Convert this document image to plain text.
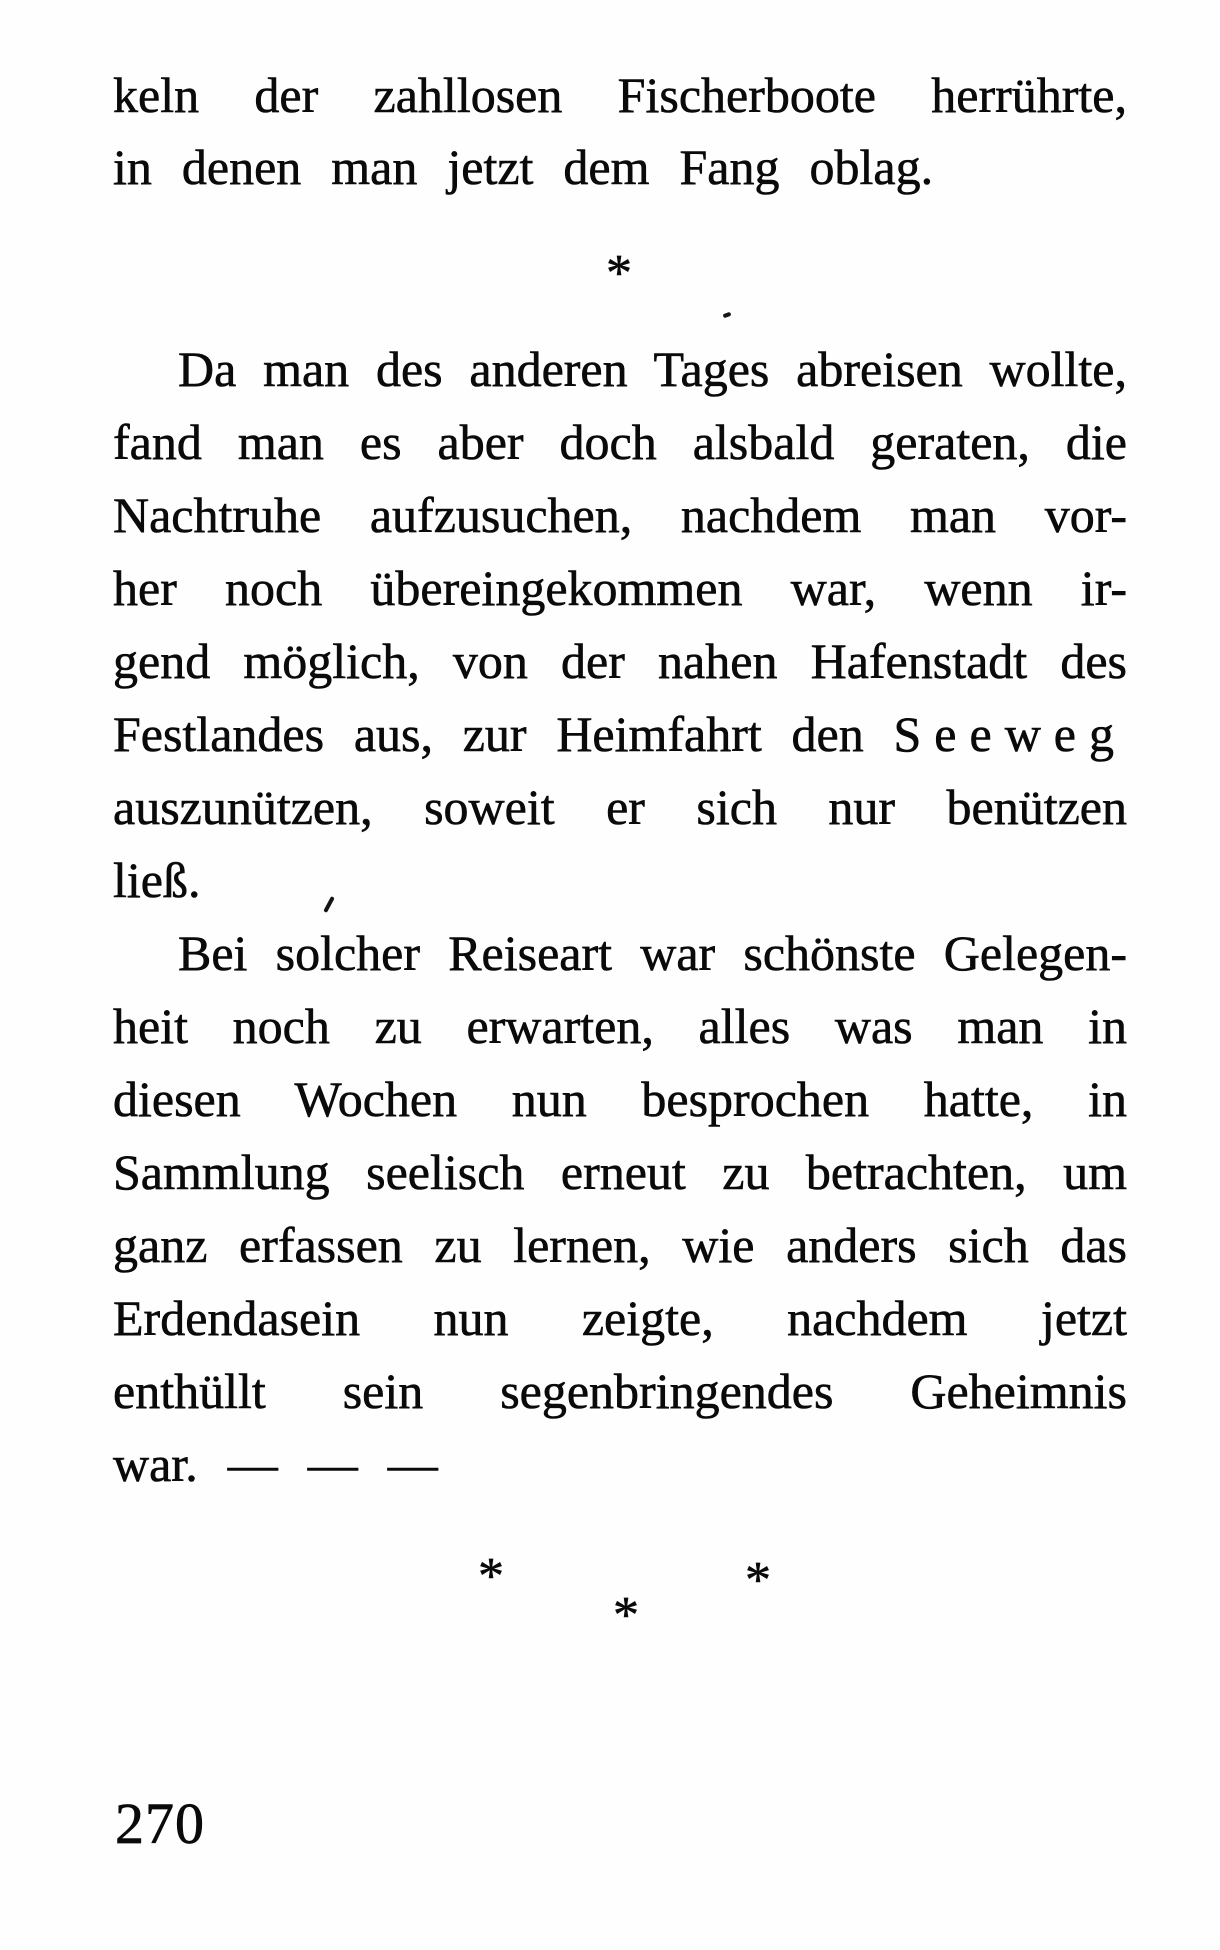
keln der zahllosen Fischerboote herrührte,
in denen man jetzt dem Fang oblag.
*
Da man des anderen Tages abreisen wollte,
fand man es aber doch alsbald geraten, die
Nachtruhe aufzusuchen, nachdem man vor-
her noch übereingekommen war, wenn ir-
gend möglich, von der nahen Hafenstadt des
Festlandes aus, zur Heimfahrt den Seeweg
auszunützen, soweit er sich nur benützen
ließ.
Bei solcher Reiseart war schönste Gelegen-
heit noch zu erwarten, alles was man in
diesen Wochen nun besprochen hatte, in
Sammlung seelisch erneut zu betrachten, um
ganz erfassen zu lernen, wie anders sich das
Erdendasein nun zeigte, nachdem jetzt
enthüllt sein segenbringendes Geheimnis
war. — — —
*	*
*
270
